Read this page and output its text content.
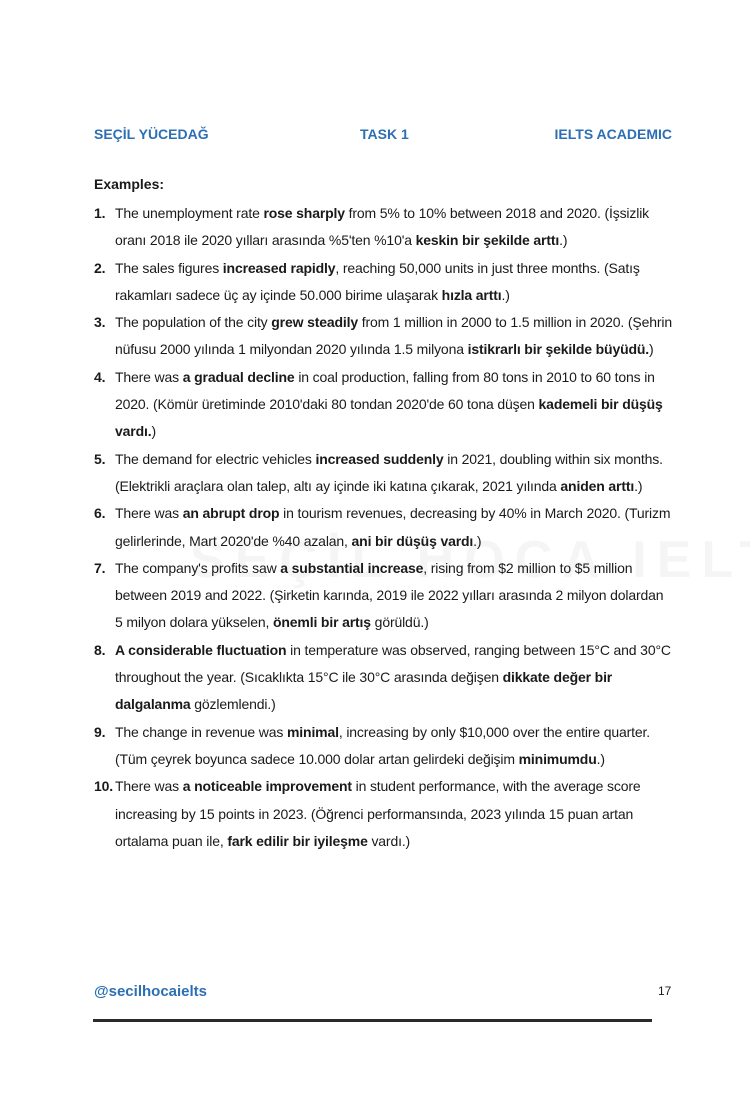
SEÇİL YÜCEDAĞ	TASK 1	IELTS ACADEMIC

Examples:

1. The unemployment rate rose sharply from 5% to 10% between 2018 and 2020. (İşsizlik oranı 2018 ile 2020 yılları arasında %5'ten %10'a keskin bir şekilde arttı.)
2. The sales figures increased rapidly, reaching 50,000 units in just three months. (Satış rakamları sadece üç ay içinde 50.000 birime ulaşarak hızla arttı.)
3. The population of the city grew steadily from 1 million in 2000 to 1.5 million in 2020. (Şehrin nüfusu 2000 yılında 1 milyondan 2020 yılında 1.5 milyona istikrarlı bir şekilde büyüdü.)
4. There was a gradual decline in coal production, falling from 80 tons in 2010 to 60 tons in 2020. (Kömür üretiminde 2010'daki 80 tondan 2020'de 60 tona düşen kademeli bir düşüş vardı.)
5. The demand for electric vehicles increased suddenly in 2021, doubling within six months. (Elektrikli araçlara olan talep, altı ay içinde iki katına çıkarak, 2021 yılında aniden arttı.)
6. There was an abrupt drop in tourism revenues, decreasing by 40% in March 2020. (Turizm gelirlerinde, Mart 2020'de %40 azalan, ani bir düşüş vardı.)
7. The company's profits saw a substantial increase, rising from $2 million to $5 million between 2019 and 2022. (Şirketin karında, 2019 ile 2022 yılları arasında 2 milyon dolardan 5 milyon dolara yükselen, önemli bir artış görüldü.)
8. A considerable fluctuation in temperature was observed, ranging between 15°C and 30°C throughout the year. (Sıcaklıkta 15°C ile 30°C arasında değişen dikkate değer bir dalgalanma gözlemlendi.)
9. The change in revenue was minimal, increasing by only $10,000 over the entire quarter. (Tüm çeyrek boyunca sadece 10.000 dolar artan gelirdeki değişim minimumdu.)
10. There was a noticeable improvement in student performance, with the average score increasing by 15 points in 2023. (Öğrenci performansında, 2023 yılında 15 puan artan ortalama puan ile, fark edilir bir iyileşme vardı.)
@secilhocaielts	17
